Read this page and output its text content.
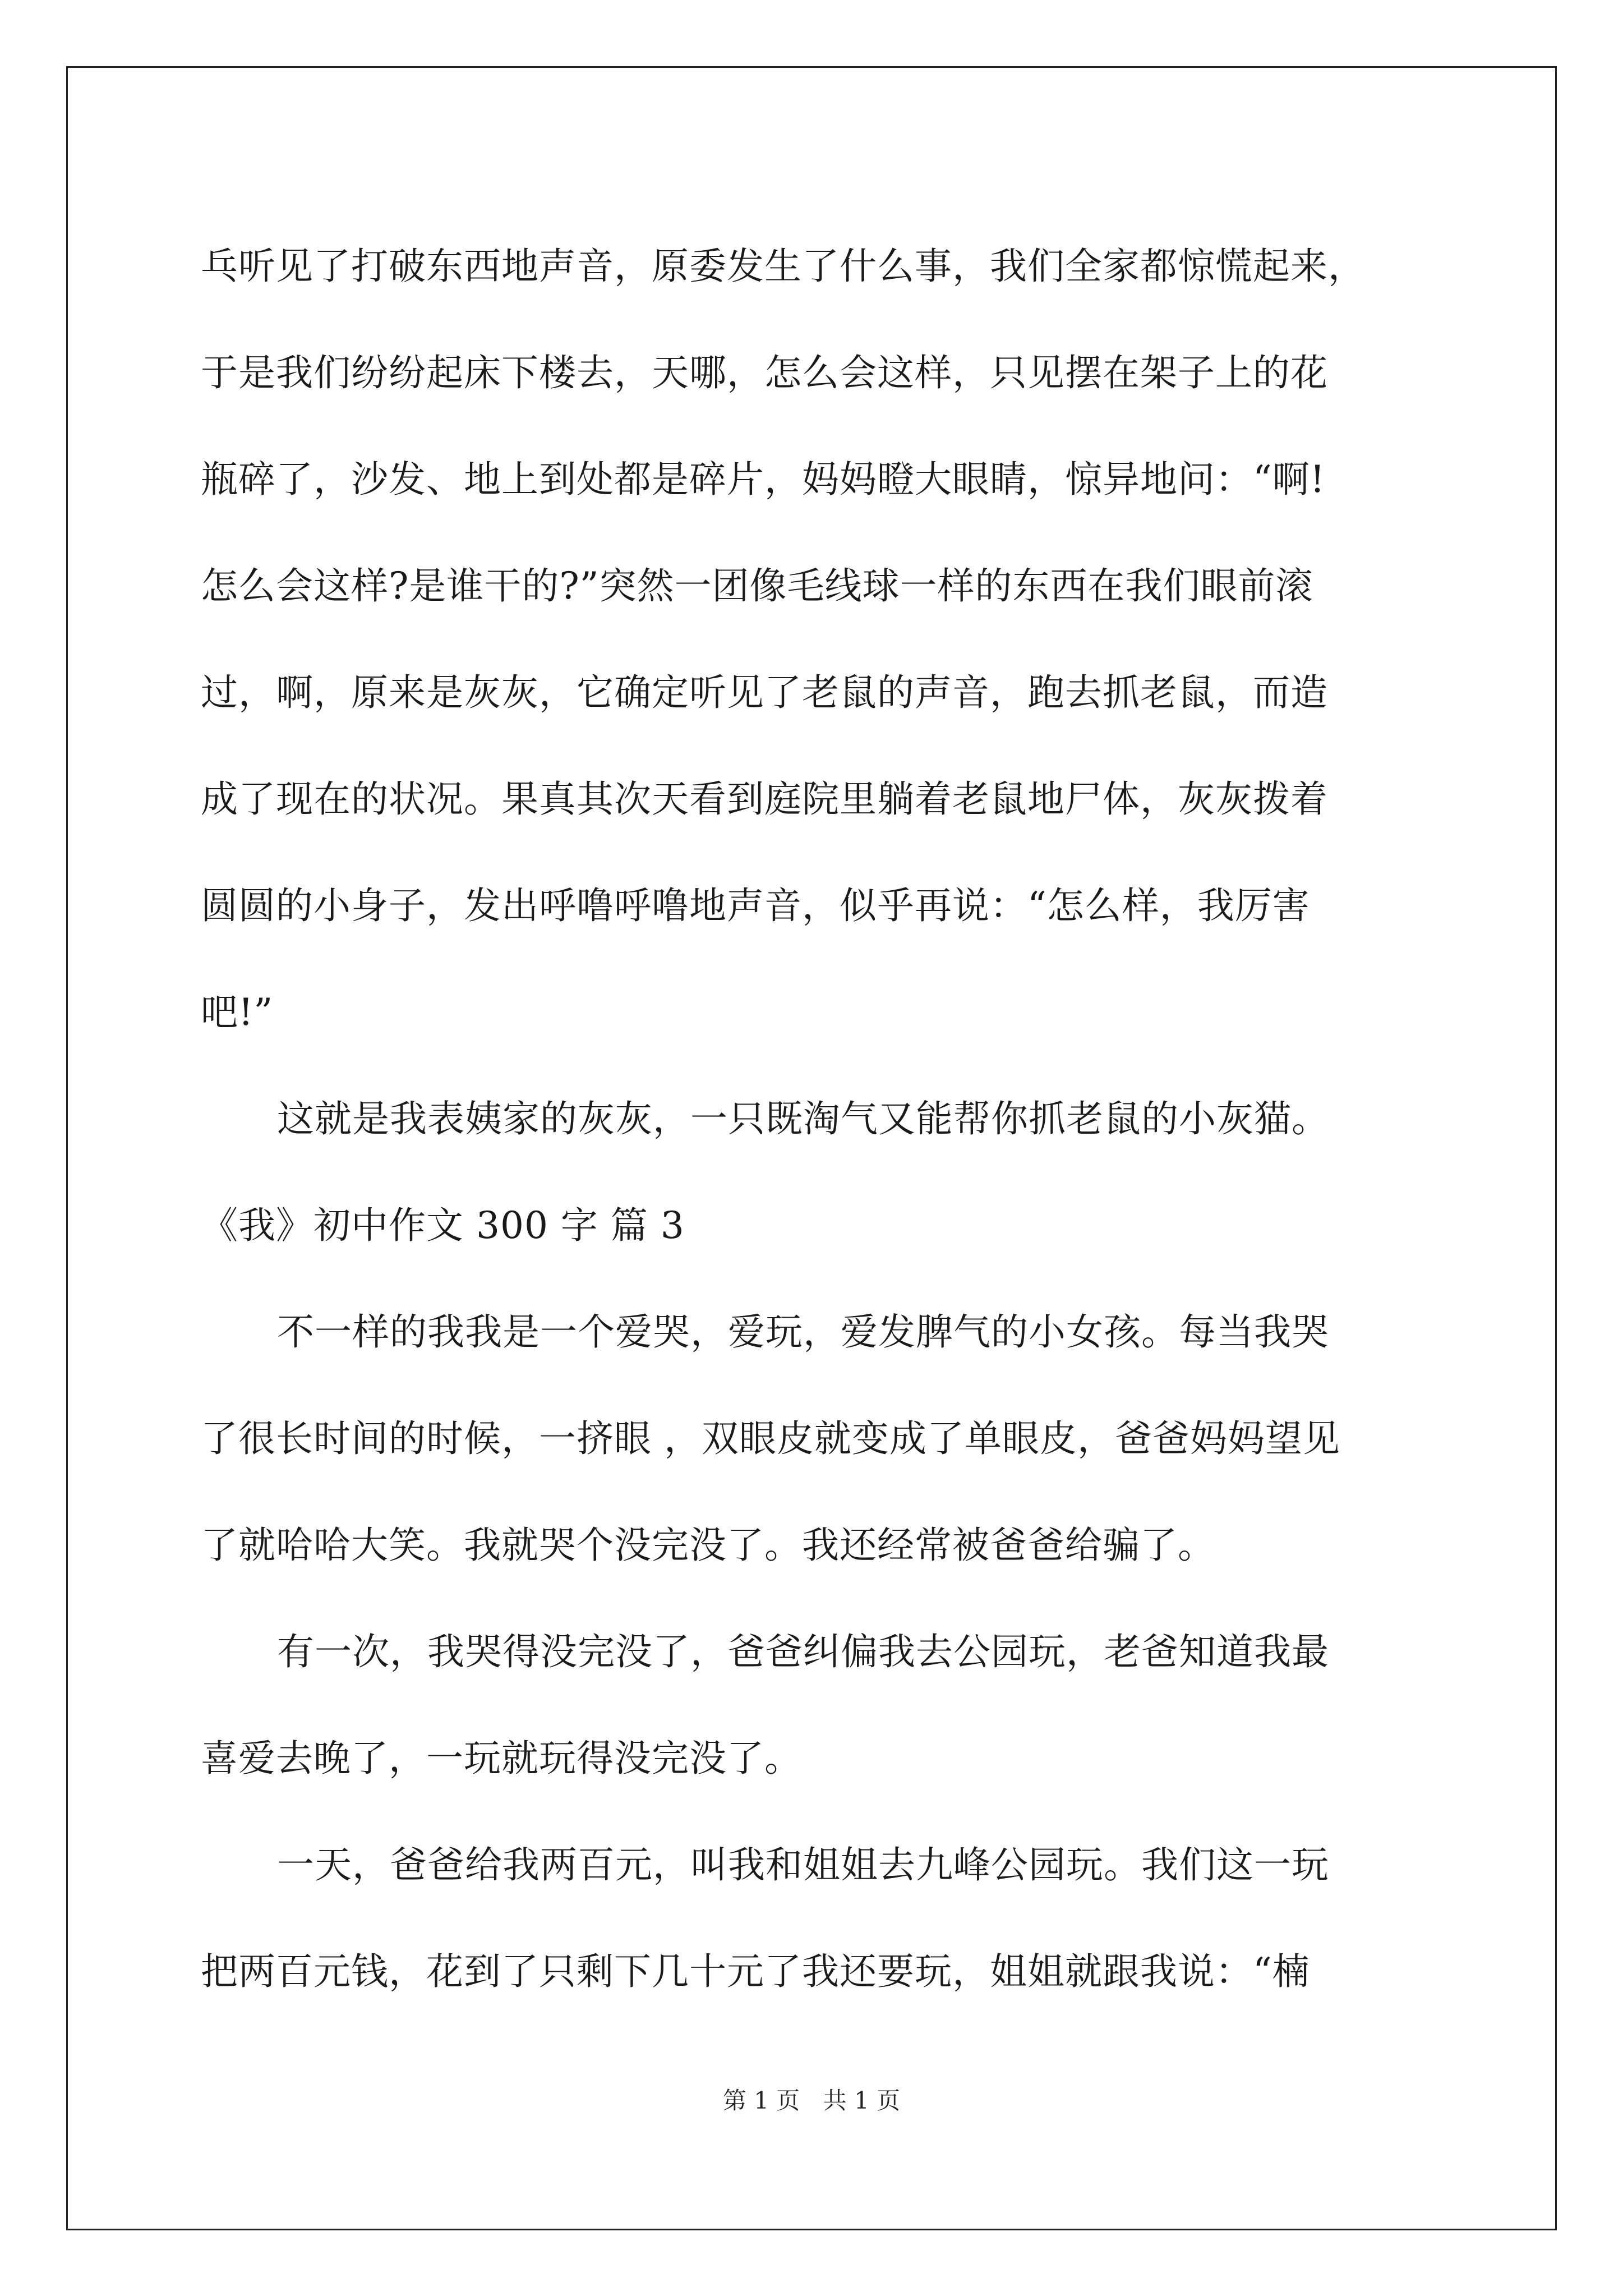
乓听见了打破东西地声音，原委发生了什么事，我们全家都惊慌起来，
于是我们纷纷起床下楼去，天哪，怎么会这样，只见摆在架子上的花
瓶碎了，沙发、地上到处都是碎片，妈妈瞪大眼睛，惊异地问：“啊!
怎么会这样?是谁干的?”突然一团像毛线球一样的东西在我们眼前滚
过，啊，原来是灰灰，它确定听见了老鼠的声音，跑去抓老鼠，而造
成了现在的状况。果真其次天看到庭院里躺着老鼠地尸体，灰灰拨着
圆圆的小身子，发出呼噜呼噜地声音，似乎再说：“怎么样，我厉害
吧!”
这就是我表姨家的灰灰，一只既淘气又能帮你抓老鼠的小灰猫。
《我》初中作文 300 字 篇 3
不一样的我我是一个爱哭，爱玩，爱发脾气的小女孩。每当我哭
了很长时间的时候，一挤眼 ，双眼皮就变成了单眼皮，爸爸妈妈望见
了就哈哈大笑。我就哭个没完没了。我还经常被爸爸给骗了。
有一次，我哭得没完没了，爸爸纠偏我去公园玩，老爸知道我最
喜爱去晚了，一玩就玩得没完没了。
一天，爸爸给我两百元，叫我和姐姐去九峰公园玩。我们这一玩
把两百元钱，花到了只剩下几十元了我还要玩，姐姐就跟我说：“楠
第 1 页 共 1 页
